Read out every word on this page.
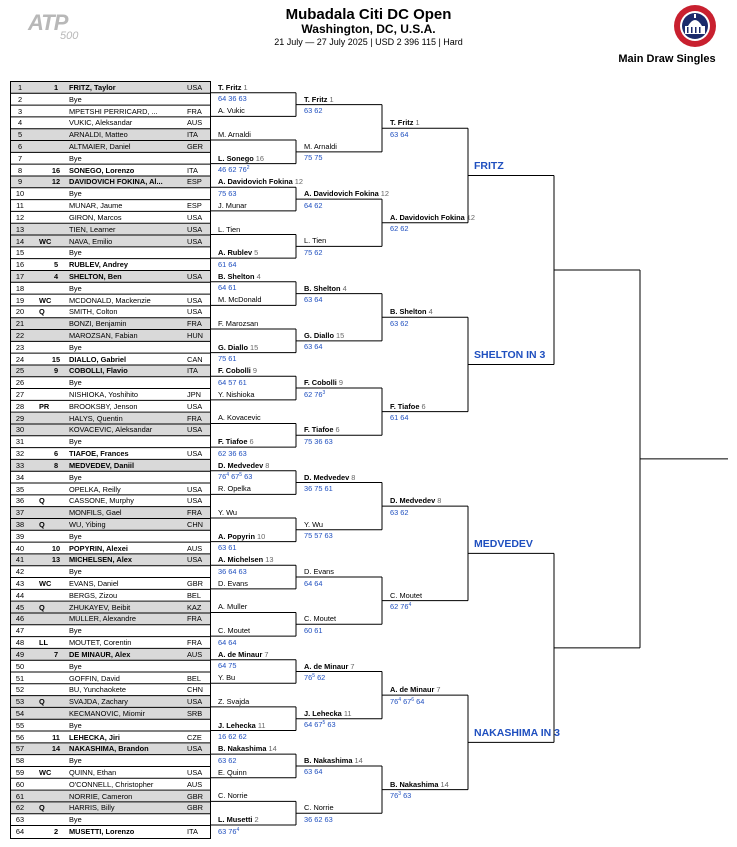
ATP
500
Mubadala Citi DC Open
Washington, DC, U.S.A.
21 July — 27 July 2025 | USD 2 396 115 | Hard
Main Draw Singles
1	1	FRITZ, Taylor	USA
2	Bye
3	MPETSHI PERRICARD, ...	FRA
4	VUKIC, Aleksandar	AUS
5	ARNALDI, Matteo	ITA
6	ALTMAIER, Daniel	GER
7	Bye
8	16	SONEGO, Lorenzo	ITA
9	12	DAVIDOVICH FOKINA, Al...	ESP
10	Bye
11	MUNAR, Jaume	ESP
12	GIRON, Marcos	USA
13	TIEN, Learner	USA
14	WC	NAVA, Emilio	USA
15	Bye
16	5	RUBLEV, Andrey
17	4	SHELTON, Ben	USA
18	Bye
19	WC	MCDONALD, Mackenzie	USA
20	Q	SMITH, Colton	USA
21	BONZI, Benjamin	FRA
22	MAROZSAN, Fabian	HUN
23	Bye
24	15	DIALLO, Gabriel	CAN
25	9	COBOLLI, Flavio	ITA
26	Bye
27	NISHIOKA, Yoshihito	JPN
28	PR	BROOKSBY, Jenson	USA
29	HALYS, Quentin	FRA
30	KOVACEVIC, Aleksandar	USA
31	Bye
32	6	TIAFOE, Frances	USA
33	8	MEDVEDEV, Daniil
34	Bye
35	OPELKA, Reilly	USA
36	Q	CASSONE, Murphy	USA
37	MONFILS, Gael	FRA
38	Q	WU, Yibing	CHN
39	Bye
40	10	POPYRIN, Alexei	AUS
41	13	MICHELSEN, Alex	USA
42	Bye
43	WC	EVANS, Daniel	GBR
44	BERGS, Zizou	BEL
45	Q	ZHUKAYEV, Beibit	KAZ
46	MULLER, Alexandre	FRA
47	Bye
48	LL	MOUTET, Corentin	FRA
49	7	DE MINAUR, Alex	AUS
50	Bye
51	GOFFIN, David	BEL
52	BU, Yunchaokete	CHN
53	Q	SVAJDA, Zachary	USA
54	KECMANOVIC, Miomir	SRB
55	Bye
56	11	LEHECKA, Jiri	CZE
57	14	NAKASHIMA, Brandon	USA
58	Bye
59	WC	QUINN, Ethan	USA
60	O'CONNELL, Christopher	AUS
61	NORRIE, Cameron	GBR
62	Q	HARRIS, Billy	GBR
63	Bye
64	2	MUSETTI, Lorenzo	ITA
T. Fritz 1
A. Vukic
M. Arnaldi
L. Sonego 16
A. Davidovich Fokina 12
J. Munar
L. Tien
A. Rublev 5
B. Shelton 4
M. McDonald
F. Marozsan
G. Diallo 15
F. Cobolli 9
Y. Nishioka
A. Kovacevic
F. Tiafoe 6
D. Medvedev 8
R. Opelka
Y. Wu
A. Popyrin 10
A. Michelsen 13
D. Evans
A. Muller
C. Moutet
A. de Minaur 7
Y. Bu
Z. Svajda
J. Lehecka 11
B. Nakashima 14
E. Quinn
C. Norrie
L. Musetti 2
64 36 63
46 62 $76^2$
75 63
61 64
64 61
75 61
64 57 61
62 36 63
$76^4$ $67^5$ 63
63 61
36 64 63
64 64
64 75
16 62 62
63 62
63 $76^4$
T. Fritz 1
63 62
M. Arnaldi
75 75
A. Davidovich Fokina 12
64 62
L. Tien
75 62
B. Shelton 4
63 64
G. Diallo 15
63 64
F. Cobolli 9
62 $76^3$
F. Tiafoe 6
75 36 63
D. Medvedev 8
36 75 61
Y. Wu
75 57 63
D. Evans
64 64
C. Moutet
60 61
A. de Minaur 7
$76^5$ 62
J. Lehecka 11
64 $67^5$ 63
B. Nakashima 14
63 64
C. Norrie
36 62 63
T. Fritz 1
63 64
A. Davidovich Fokina 12
62 62
B. Shelton 4
63 62
F. Tiafoe 6
61 64
D. Medvedev 8
63 62
C. Moutet
62 $76^4$
A. de Minaur 7
$76^4$ $67^6$ 64
B. Nakashima 14
$76^3$ 63
FRITZ
SHELTON IN 3
MEDVEDEV
NAKASHIMA IN 3
